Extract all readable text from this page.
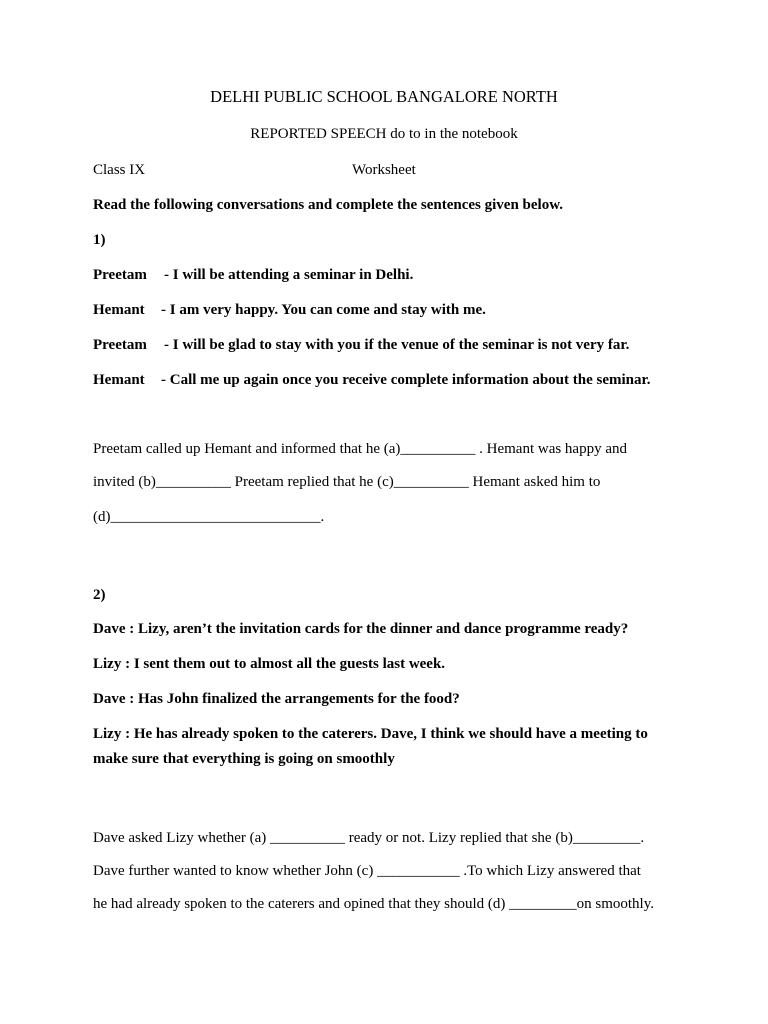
DELHI PUBLIC SCHOOL BANGALORE NORTH
REPORTED SPEECH do to in the notebook
Class IX	Worksheet
Read the following conversations and complete the sentences given below.
1)
Preetam - I will be attending a seminar in Delhi.
Hemant - I am very happy. You can come and stay with me.
Preetam - I will be glad to stay with you if the venue of the seminar is not very far.
Hemant - Call me up again once you receive complete information about the seminar.
Preetam called up Hemant and informed that he (a)__________ . Hemant was happy and
invited (b)__________ Preetam replied that he (c)__________ Hemant asked him to
(d)____________________________.
2)
Dave : Lizy, aren’t the invitation cards for the dinner and dance programme ready?
Lizy : I sent them out to almost all the guests last week.
Dave : Has John finalized the arrangements for the food?
Lizy : He has already spoken to the caterers. Dave, I think we should have a meeting to
make sure that everything is going on smoothly
Dave asked Lizy whether (a) __________ ready or not. Lizy replied that she (b)_________.
Dave further wanted to know whether John (c) ___________ .To which Lizy answered that
he had already spoken to the caterers and opined that they should (d) _________on smoothly.
